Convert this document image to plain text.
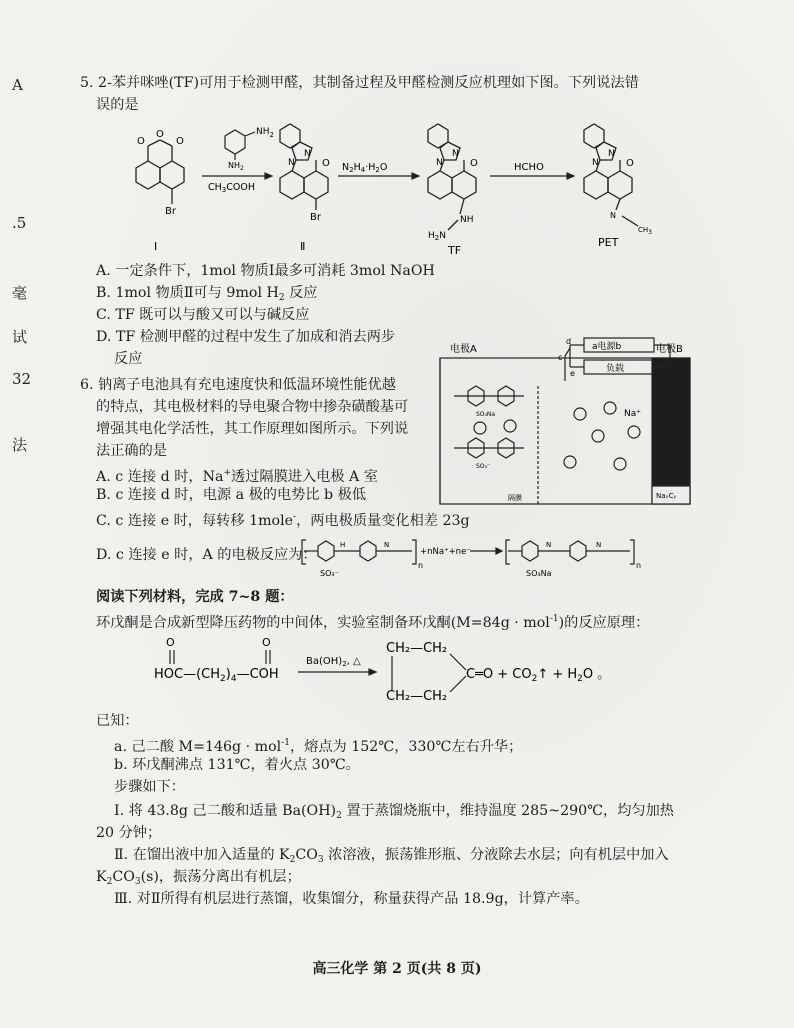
A
.5
毫
试
32
法
5. 2-苯并咪唑(TF)可用于检测甲醛，其制备过程及甲醛检测反应机理如下图。下列说法错
误的是
O
O
O
Br
Ⅰ
$NH_2$
$NH_2$
$CH_3COOH$
N
N	O
Br
Ⅱ
$N_2H_4\cdot H_2O$
N
N	O
NH
$H_2N$
TF
HCHO
N
N	O
N
CH3
PET
A. 一定条件下，1mol 物质Ⅰ最多可消耗 3mol NaOH
B. 1mol 物质Ⅱ可与 9mol $H_2$ 反应
C. TF 既可以与酸又可以与碱反应
D. TF 检测甲醛的过程中发生了加成和消去两步
反应
6. 钠离子电池具有充电速度快和低温环境性能优越
的特点，其电极材料的导电聚合物中掺杂磺酸基可
增强其电化学活性，其工作原理如图所示。下列说
法正确的是
A. c 连接 d 时，Na+透过隔膜进入电极 A 室
B. c 连接 d 时，电源 a 极的电势比 b 极低
C. c 连接 e 时，每转移 1mole-，两电极质量变化相差 23g
D. c 连接 e 时，A 的电极反应为：
电极A	电极B
a电源b
负载
d
c
e
Na⁺
隔膜	NaₓCᵧ
SO₃Na
SO₃⁻
H	N
n
SO₃⁻
+nNa⁺+ne⁻
N	N
n
SO₃Na
阅读下列材料，完成 7~8 题：
环戊酮是合成新型降压药物的中间体，实验室制备环戊酮(M=84g · mol$^{-1}$)的反应原理：
O	O
$HOC—(CH_2)_4—COH$
$Ba(OH)_2$, △
CH₂—CH₂
CH₂—CH₂
C═O + $CO_2↑ + H_2O$ 。
已知：
a. 己二酸 M=146g · mol$^{-1}$，熔点为 152℃，330℃左右升华；
b. 环戊酮沸点 131℃，着火点 30℃。
步骤如下：
Ⅰ. 将 43.8g 己二酸和适量 $Ba(OH)_2$ 置于蒸馏烧瓶中，维持温度 285~290℃，均匀加热
20 分钟；
Ⅱ. 在馏出液中加入适量的 $K_2CO_3$ 浓溶液，振荡锥形瓶、分液除去水层；向有机层中加入
$K_2CO_3(s)$，振荡分离出有机层；
Ⅲ. 对Ⅱ所得有机层进行蒸馏，收集馏分，称量获得产品 18.9g，计算产率。
高三化学 第 2 页(共 8 页)
